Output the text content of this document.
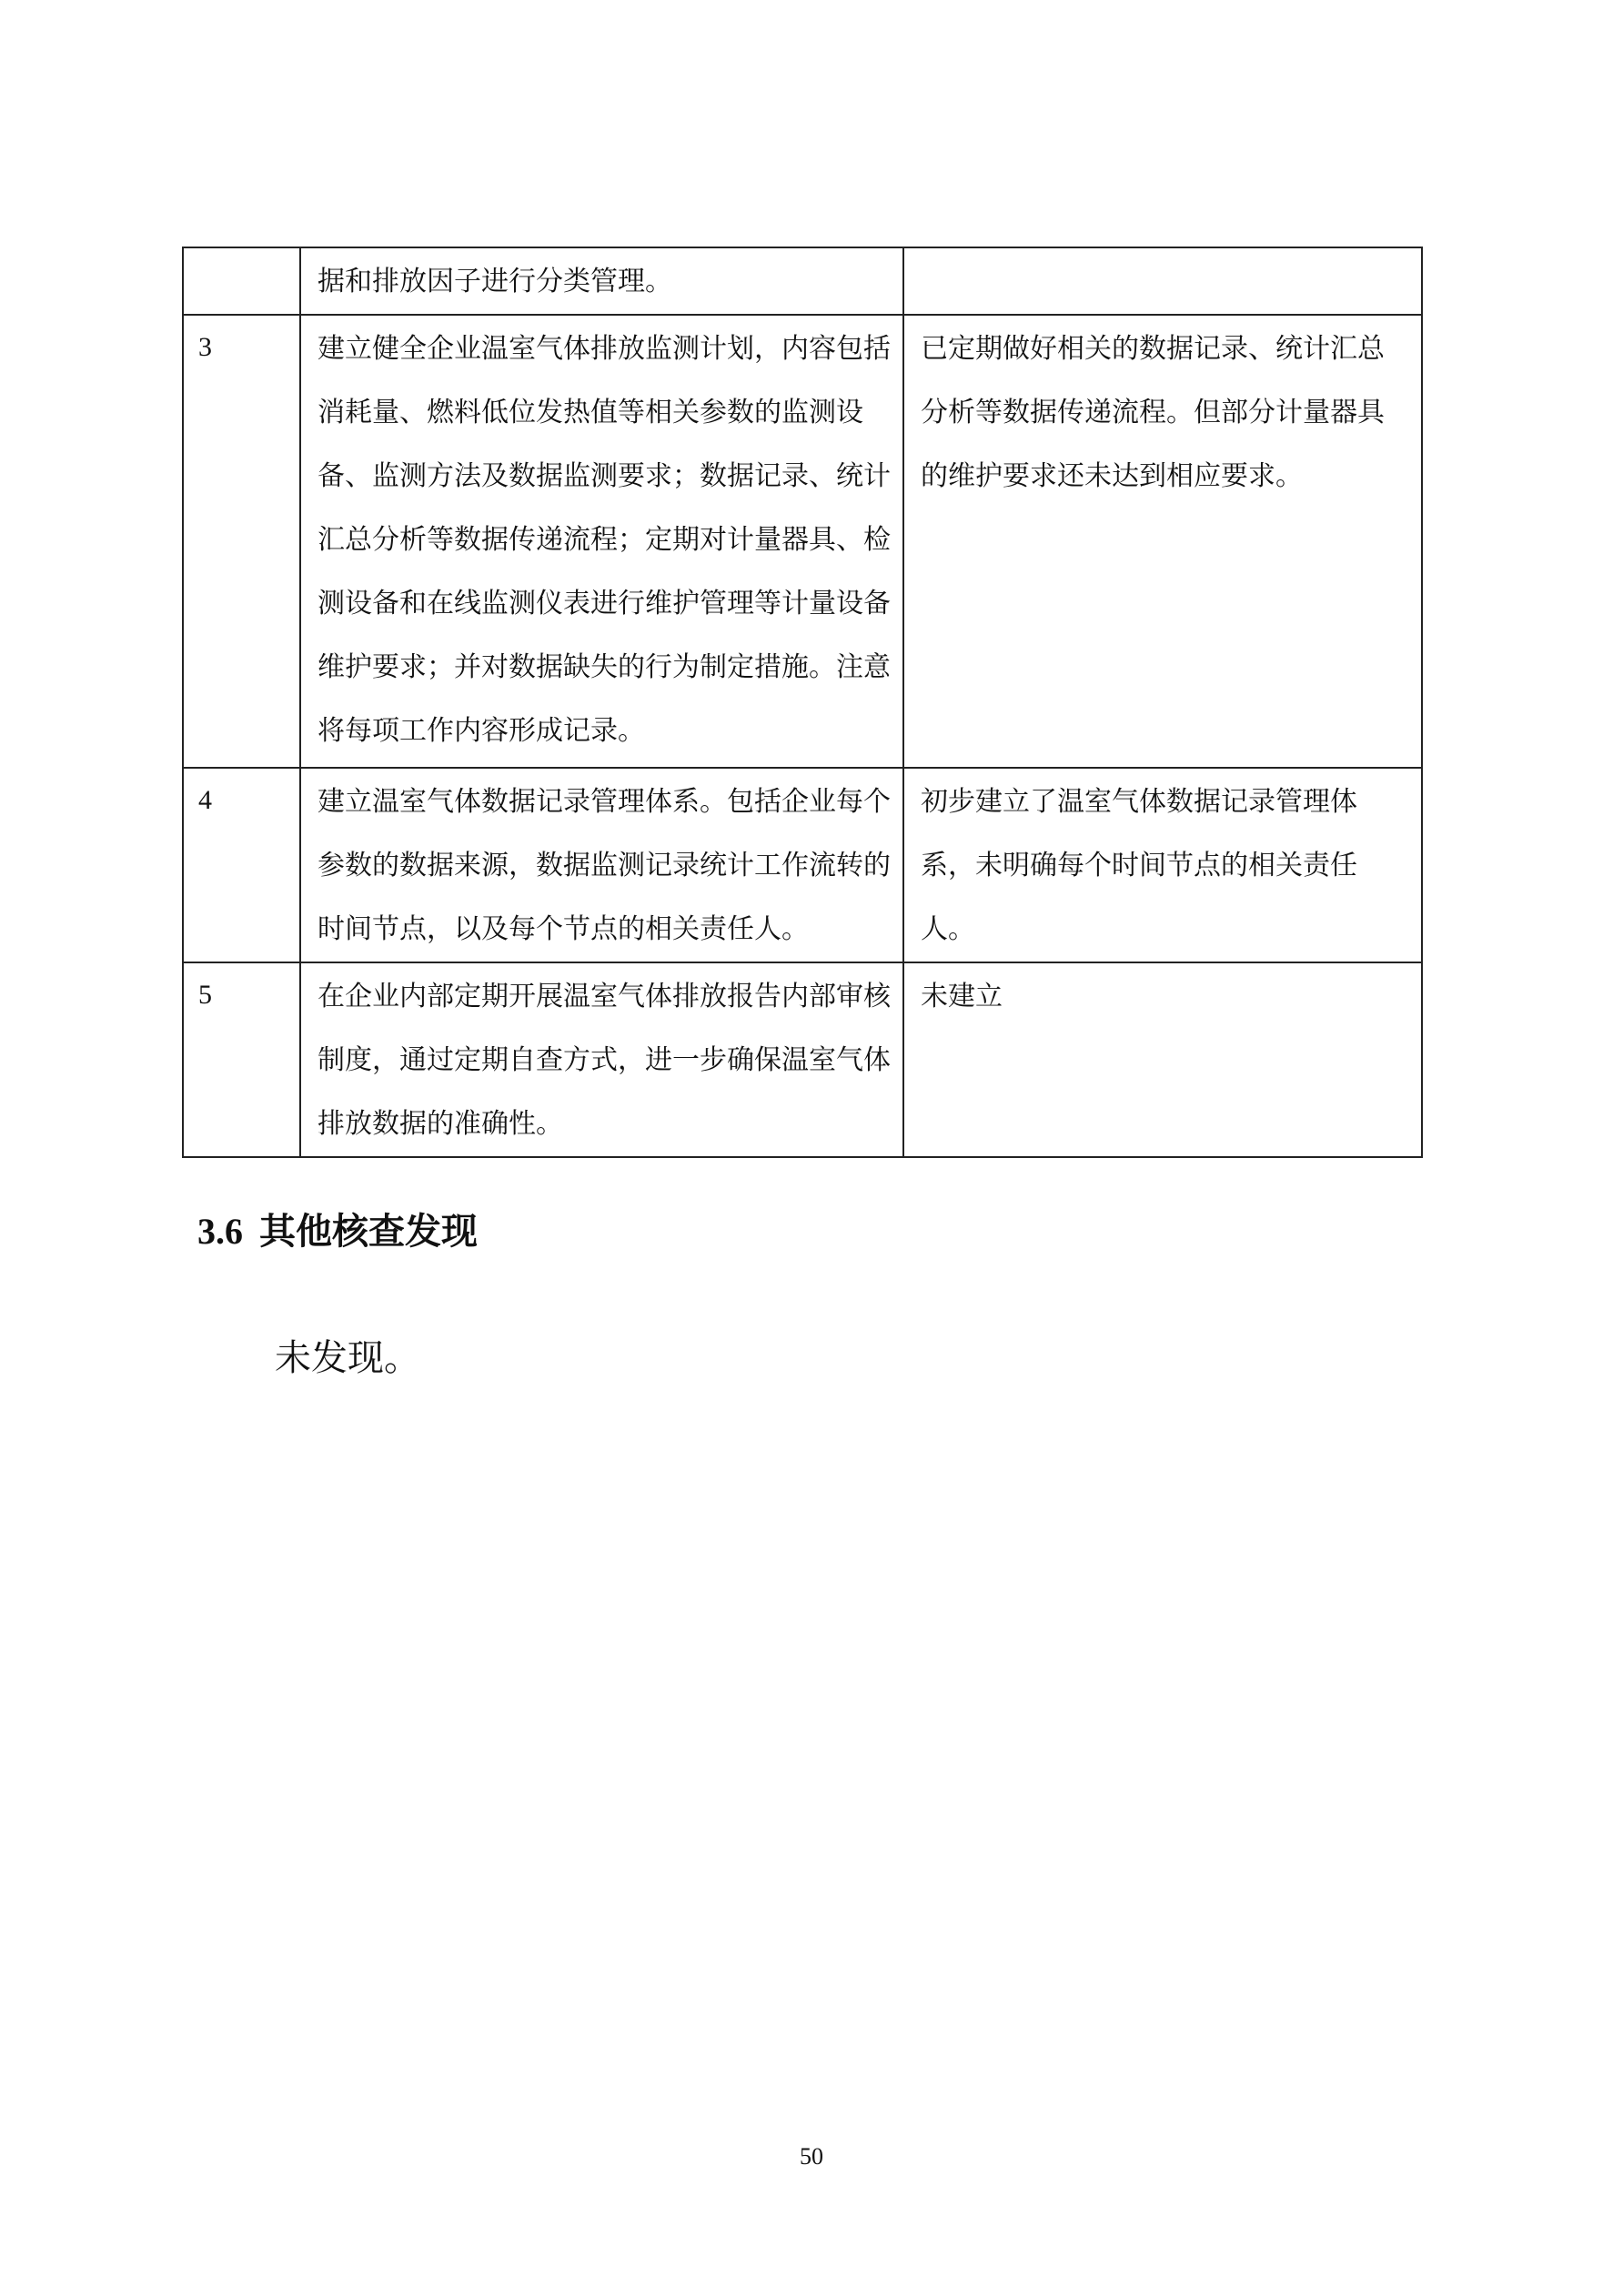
	据和排放因子进行分类管理。	

3	建立健全企业温室气体排放监测计划，内容包括消耗量、燃料低位发热值等相关参数的监测设备、监测方法及数据监测要求；数据记录、统计汇总分析等数据传递流程；定期对计量器具、检测设备和在线监测仪表进行维护管理等计量设备维护要求；并对数据缺失的行为制定措施。注意将每项工作内容形成记录。	已定期做好相关的数据记录、统计汇总分析等数据传递流程。但部分计量器具的维护要求还未达到相应要求。

4	建立温室气体数据记录管理体系。包括企业每个参数的数据来源，数据监测记录统计工作流转的时间节点，以及每个节点的相关责任人。	初步建立了温室气体数据记录管理体系，未明确每个时间节点的相关责任人。

5	在企业内部定期开展温室气体排放报告内部审核制度，通过定期自查方式，进一步确保温室气体排放数据的准确性。	未建立
3.6 其他核查发现

未发现。

50
